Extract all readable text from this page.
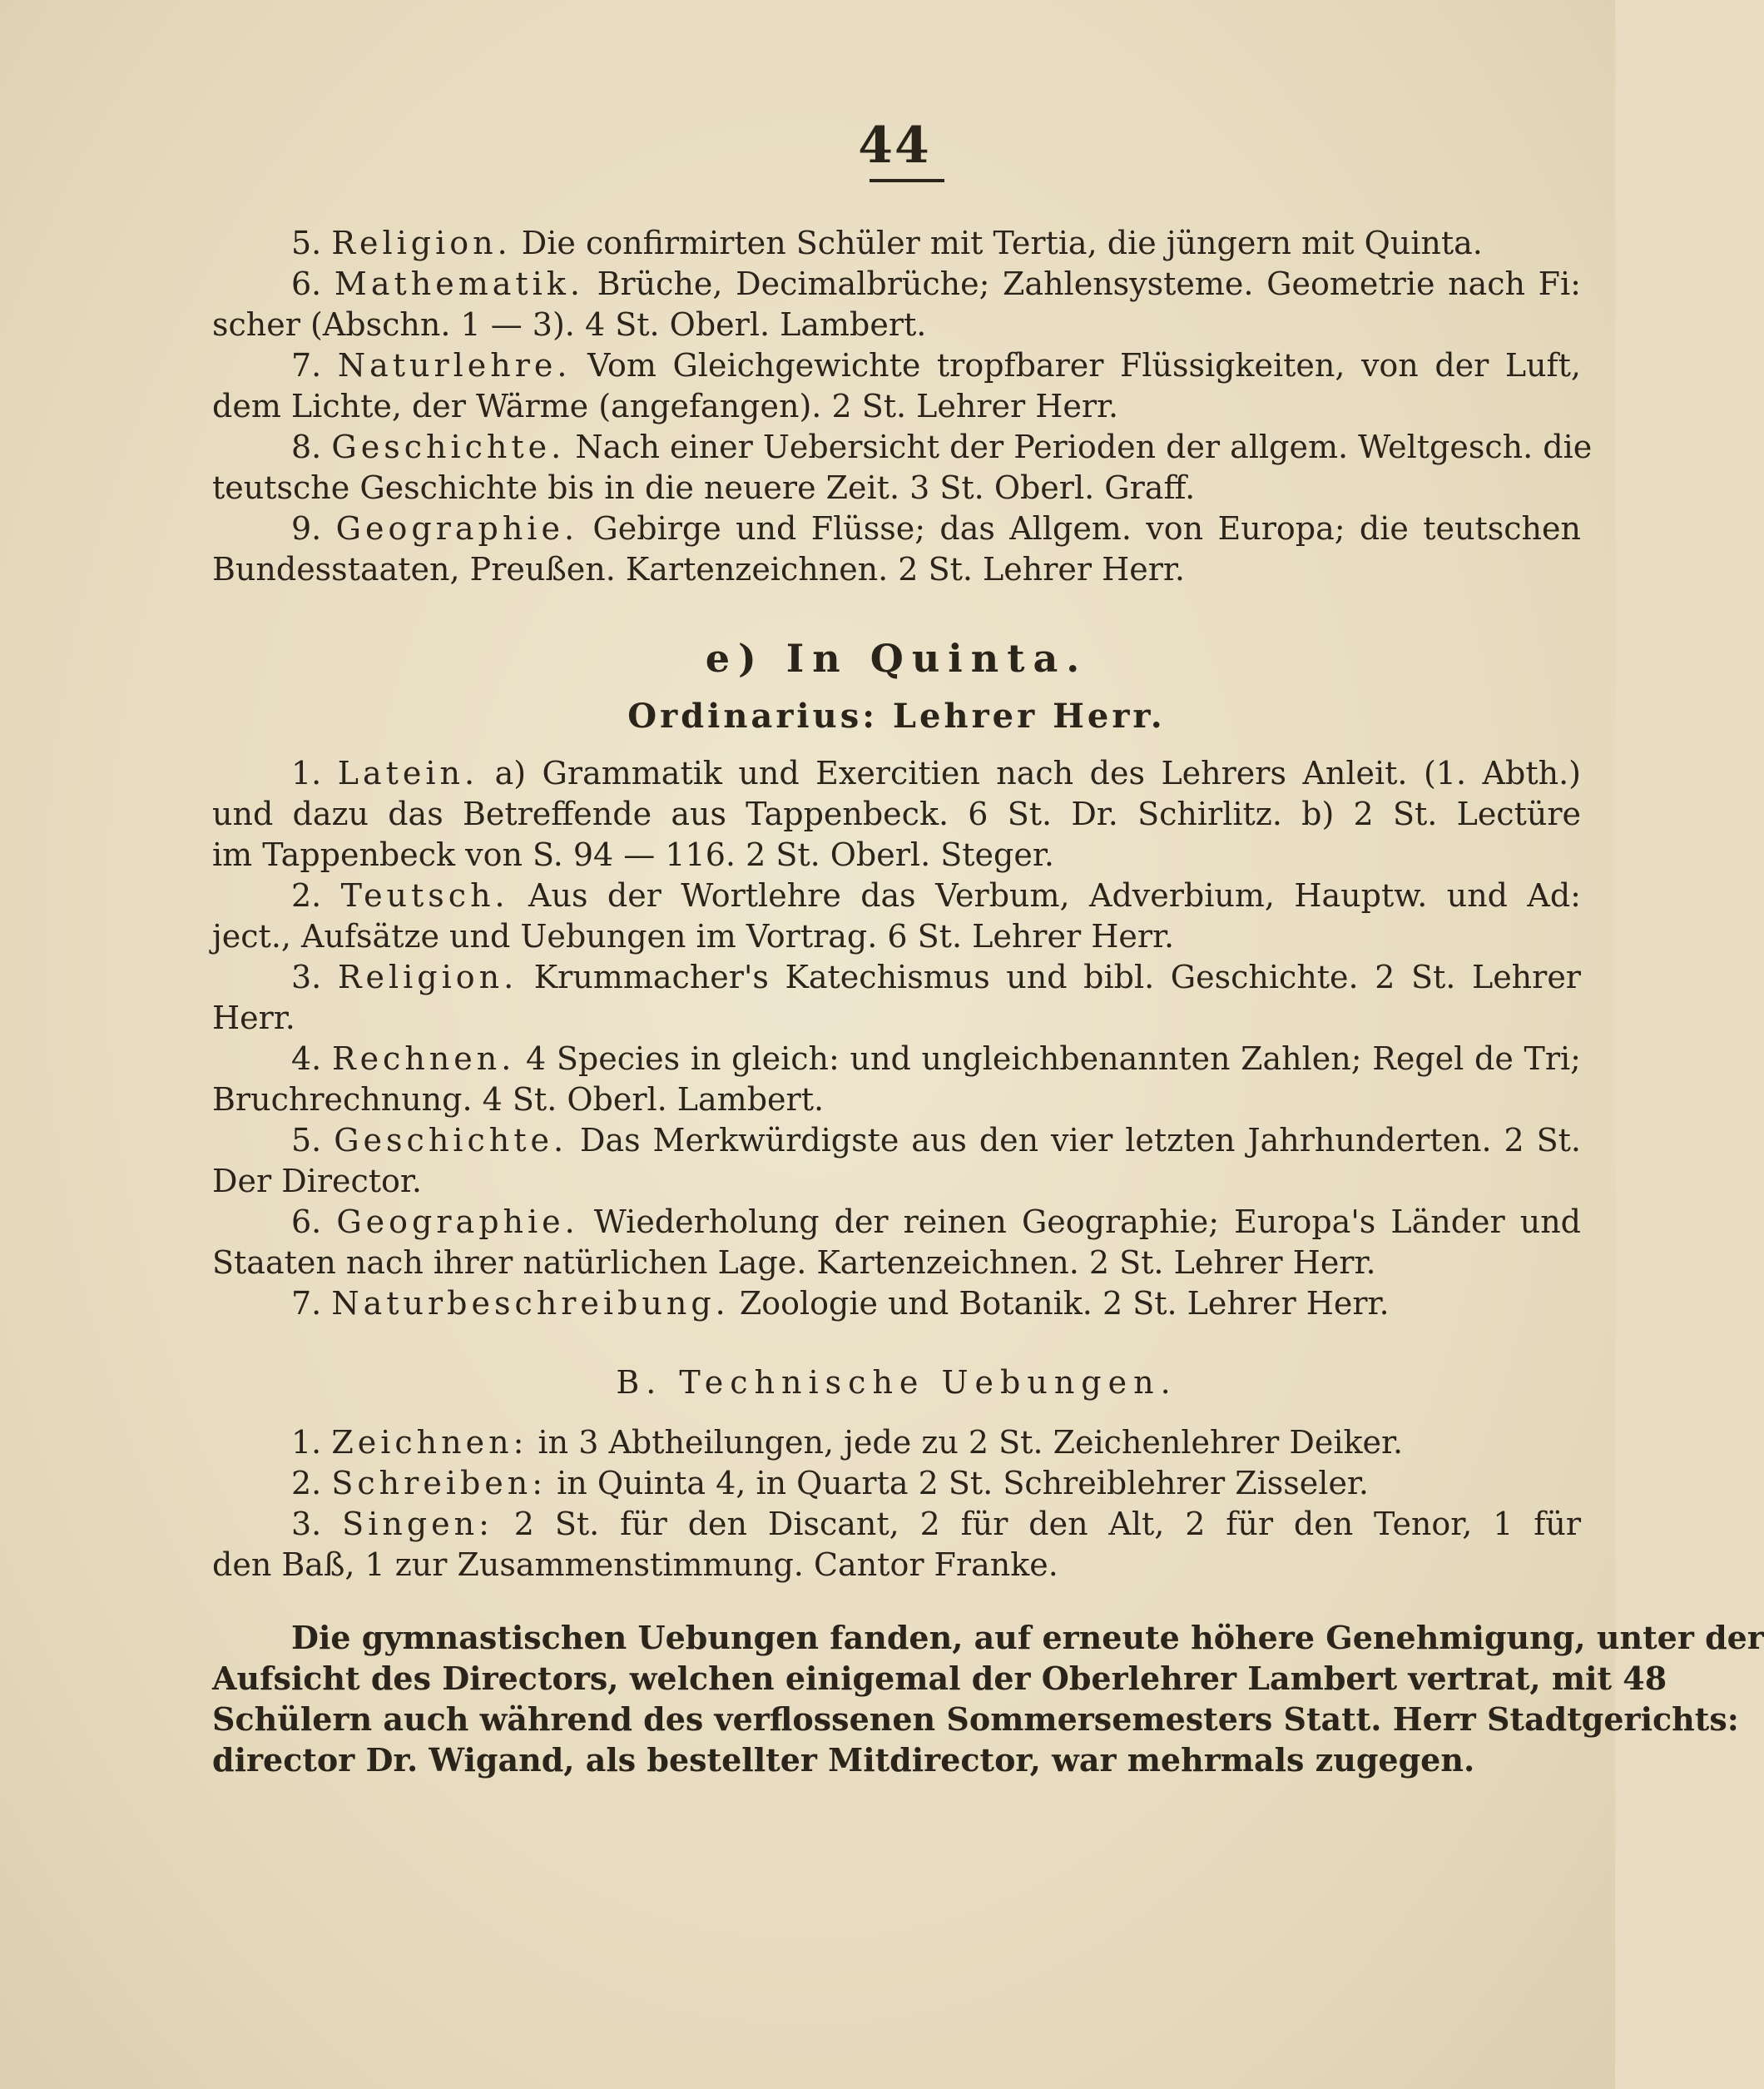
44
5. Religion. Die confirmirten Schüler mit Tertia, die jüngern mit Quinta.
6. Mathematik. Brüche, Decimalbrüche; Zahlensysteme. Geometrie nach Fi:
scher (Abschn. 1 — 3). 4 St. Oberl. Lambert.
7. Naturlehre. Vom Gleichgewichte tropfbarer Flüssigkeiten, von der Luft,
dem Lichte, der Wärme (angefangen). 2 St. Lehrer Herr.
8. Geschichte. Nach einer Uebersicht der Perioden der allgem. Weltgesch. die
teutsche Geschichte bis in die neuere Zeit. 3 St. Oberl. Graff.
9. Geographie. Gebirge und Flüsse; das Allgem. von Europa; die teutschen
Bundesstaaten, Preußen. Kartenzeichnen. 2 St. Lehrer Herr.
e) In Quinta.
Ordinarius: Lehrer Herr.
1. Latein. a) Grammatik und Exercitien nach des Lehrers Anleit. (1. Abth.)
und dazu das Betreffende aus Tappenbeck. 6 St. Dr. Schirlitz. b) 2 St. Lectüre
im Tappenbeck von S. 94 — 116. 2 St. Oberl. Steger.
2. Teutsch. Aus der Wortlehre das Verbum, Adverbium, Hauptw. und Ad:
ject., Aufsätze und Uebungen im Vortrag. 6 St. Lehrer Herr.
3. Religion. Krummacher's Katechismus und bibl. Geschichte. 2 St. Lehrer
Herr.
4. Rechnen. 4 Species in gleich: und ungleichbenannten Zahlen; Regel de Tri;
Bruchrechnung. 4 St. Oberl. Lambert.
5. Geschichte. Das Merkwürdigste aus den vier letzten Jahrhunderten. 2 St.
Der Director.
6. Geographie. Wiederholung der reinen Geographie; Europa's Länder und
Staaten nach ihrer natürlichen Lage. Kartenzeichnen. 2 St. Lehrer Herr.
7. Naturbeschreibung. Zoologie und Botanik. 2 St. Lehrer Herr.
B. Technische Uebungen.
1. Zeichnen: in 3 Abtheilungen, jede zu 2 St. Zeichenlehrer Deiker.
2. Schreiben: in Quinta 4, in Quarta 2 St. Schreiblehrer Zisseler.
3. Singen: 2 St. für den Discant, 2 für den Alt, 2 für den Tenor, 1 für
den Baß, 1 zur Zusammenstimmung. Cantor Franke.
Die gymnastischen Uebungen fanden, auf erneute höhere Genehmigung, unter der
Aufsicht des Directors, welchen einigemal der Oberlehrer Lambert vertrat, mit 48
Schülern auch während des verflossenen Sommersemesters Statt. Herr Stadtgerichts:
director Dr. Wigand, als bestellter Mitdirector, war mehrmals zugegen.
